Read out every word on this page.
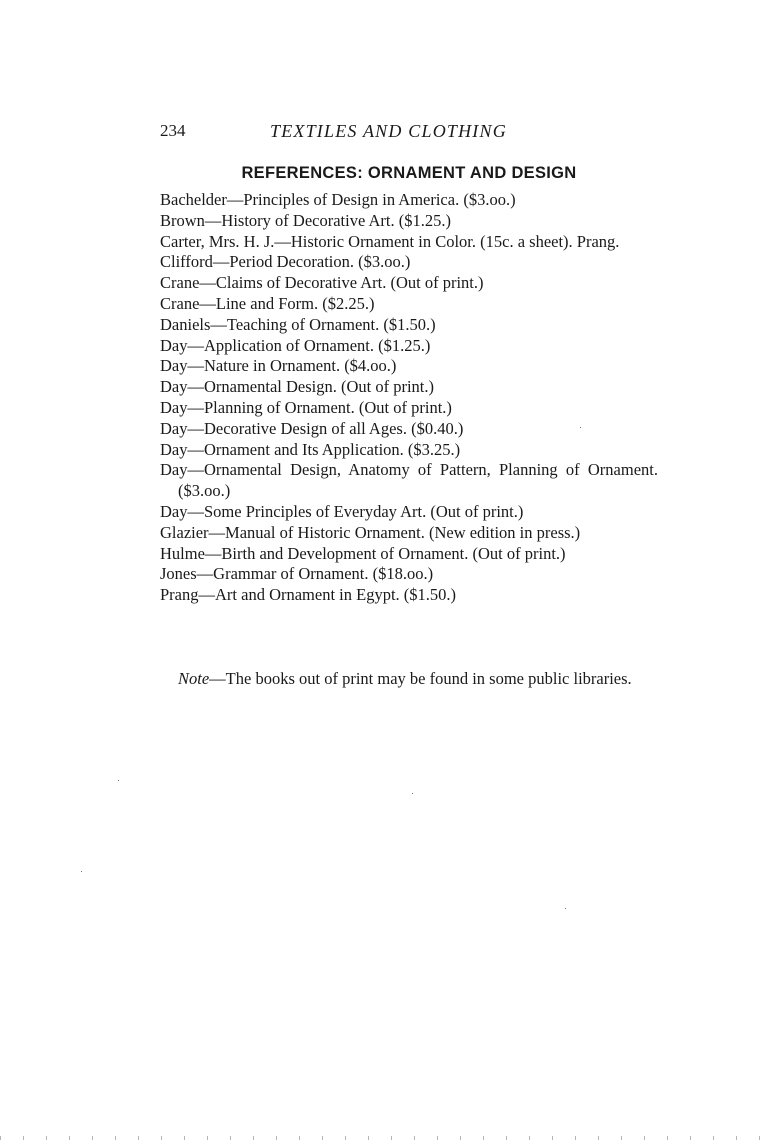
234	TEXTILES AND CLOTHING
REFERENCES: ORNAMENT AND DESIGN
Bachelder—Principles of Design in America. ($3.oo.)
Brown—History of Decorative Art. ($1.25.)
Carter, Mrs. H. J.—Historic Ornament in Color. (15c. a sheet). Prang.
Clifford—Period Decoration. ($3.oo.)
Crane—Claims of Decorative Art. (Out of print.)
Crane—Line and Form. ($2.25.)
Daniels—Teaching of Ornament. ($1.50.)
Day—Application of Ornament. ($1.25.)
Day—Nature in Ornament. ($4.oo.)
Day—Ornamental Design. (Out of print.)
Day—Planning of Ornament. (Out of print.)
Day—Decorative Design of all Ages. ($0.40.)
Day—Ornament and Its Application. ($3.25.)
Day—Ornamental Design, Anatomy of Pattern, Planning of Ornament. ($3.oo.)
Day—Some Principles of Everyday Art. (Out of print.)
Glazier—Manual of Historic Ornament. (New edition in press.)
Hulme—Birth and Development of Ornament. (Out of print.)
Jones—Grammar of Ornament. ($18.oo.)
Prang—Art and Ornament in Egypt. ($1.50.)
Note—The books out of print may be found in some public libraries.
